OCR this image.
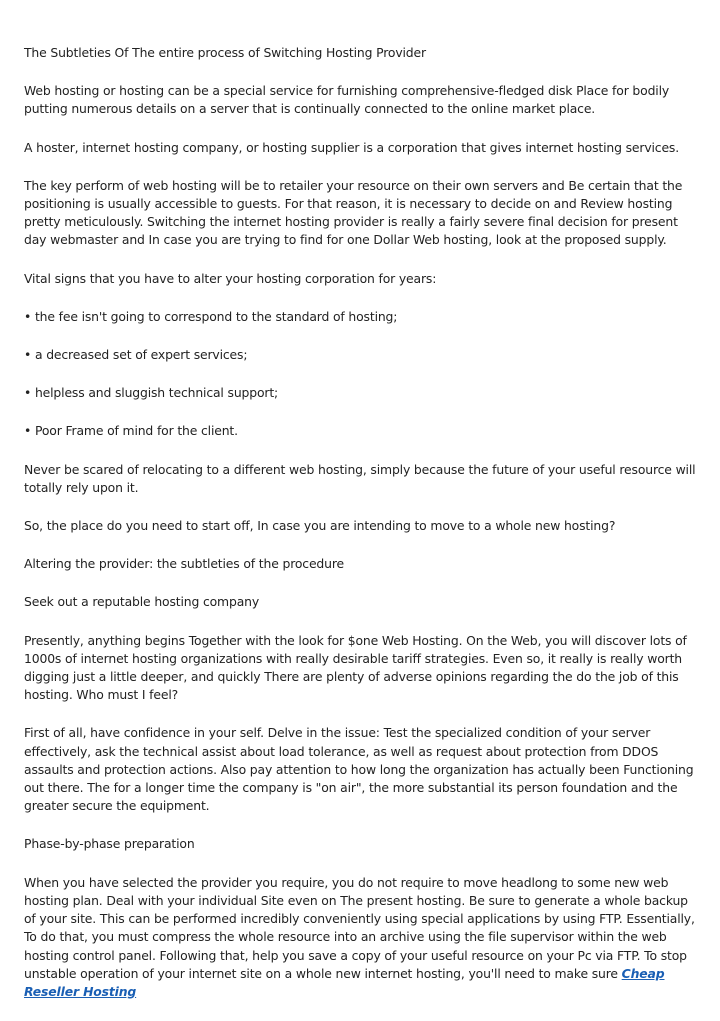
The Subtleties Of The entire process of Switching Hosting Provider

Web hosting or hosting can be a special service for furnishing comprehensive-fledged disk Place for bodily putting numerous details on a server that is continually connected to the online market place.

A hoster, internet hosting company, or hosting supplier is a corporation that gives internet hosting services.

The key perform of web hosting will be to retailer your resource on their own servers and Be certain that the positioning is usually accessible to guests. For that reason, it is necessary to decide on and Review hosting pretty meticulously. Switching the internet hosting provider is really a fairly severe final decision for present day webmaster and In case you are trying to find for one Dollar Web hosting, look at the proposed supply.

Vital signs that you have to alter your hosting corporation for years:

• the fee isn't going to correspond to the standard of hosting;

• a decreased set of expert services;

• helpless and sluggish technical support;

• Poor Frame of mind for the client.

Never be scared of relocating to a different web hosting, simply because the future of your useful resource will totally rely upon it.

So, the place do you need to start off, In case you are intending to move to a whole new hosting?

Altering the provider: the subtleties of the procedure

Seek out a reputable hosting company

Presently, anything begins Together with the look for $one Web Hosting. On the Web, you will discover lots of 1000s of internet hosting organizations with really desirable tariff strategies. Even so, it really is really worth digging just a little deeper, and quickly There are plenty of adverse opinions regarding the do the job of this hosting. Who must I feel?

First of all, have confidence in your self. Delve in the issue: Test the specialized condition of your server effectively, ask the technical assist about load tolerance, as well as request about protection from DDOS assaults and protection actions. Also pay attention to how long the organization has actually been Functioning out there. The for a longer time the company is "on air", the more substantial its person foundation and the greater secure the equipment.

Phase-by-phase preparation

When you have selected the provider you require, you do not require to move headlong to some new web hosting plan. Deal with your individual Site even on The present hosting. Be sure to generate a whole backup of your site. This can be performed incredibly conveniently using special applications by using FTP. Essentially, To do that, you must compress the whole resource into an archive using the file supervisor within the web hosting control panel. Following that, help you save a copy of your useful resource on your Pc via FTP. To stop unstable operation of your internet site on a whole new internet hosting, you'll need to make sure Cheap Reseller Hosting
